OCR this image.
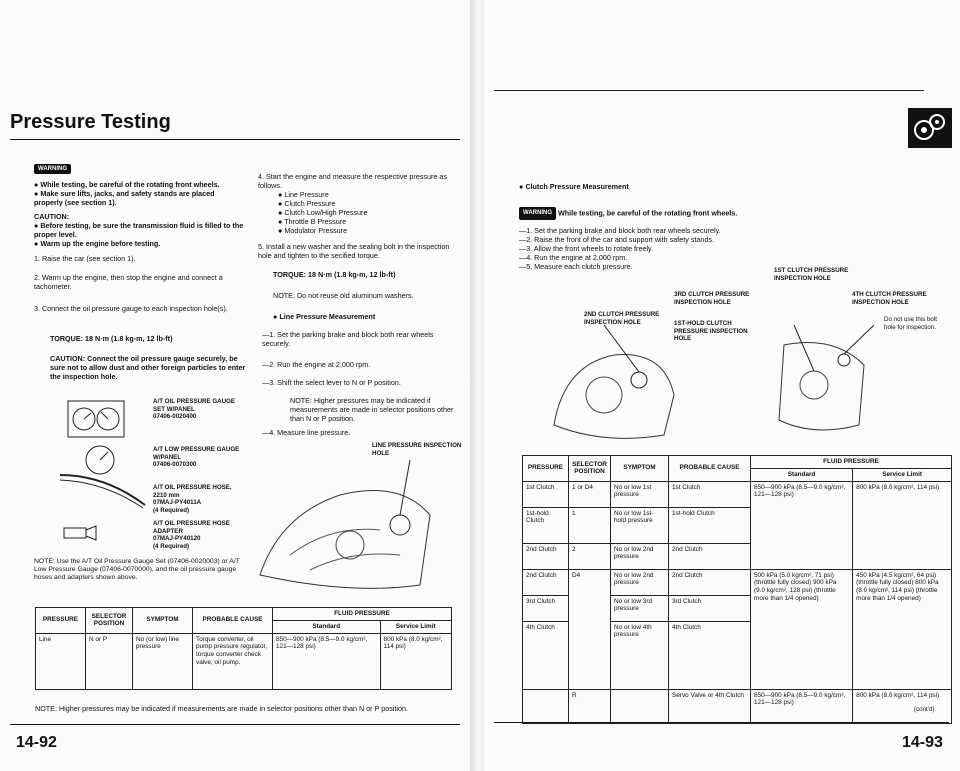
Pressure Testing
WARNING
● While testing, be careful of the rotating front wheels.
● Make sure lifts, jacks, and safety stands are placed properly (see section 1).
CAUTION:
● Before testing, be sure the transmission fluid is filled to the proper level.
● Warm up the engine before testing.
1. Raise the car (see section 1).
2. Warm up the engine, then stop the engine and connect a tachometer.
3. Connect the oil pressure gauge to each inspection hole(s).
TORQUE: 18 N·m (1.8 kg-m, 12 lb-ft)
CAUTION: Connect the oil pressure gauge securely, be sure not to allow dust and other foreign particles to enter the inspection hole.
A/T OIL PRESSURE GAUGE SET W/PANEL
07406-0020400
A/T LOW PRESSURE GAUGE W/PANEL
07406-0070300
A/T OIL PRESSURE HOSE, 2210 mm
07MAJ-PY4011A
(4 Required)
A/T OIL PRESSURE HOSE ADAPTER
07MAJ-PY40120
(4 Required)
NOTE: Use the A/T Oil Pressure Gauge Set (07406-0020003) or A/T Low Pressure Gauge (07406-0070000), and the oil pressure gauge hoses and adapters shown above.
4. Start the engine and measure the respective pressure as follows.
● Line Pressure
● Clutch Pressure
● Clutch Low/High Pressure
● Throttle B Pressure
● Modulator Pressure
5. Install a new washer and the sealing bolt in the inspection hole and tighten to the secified torque.
TORQUE: 18 N·m (1.8 kg-m, 12 lb-ft)
NOTE: Do not reuse old aluminum washers.
● Line Pressure Measurement
—1. Set the parking brake and block both rear wheels securely.
—2. Run the engine at 2,000 rpm.
—3. Shift the select lever to N or P position.
NOTE: Higher pressures may be indicated if measurements are made in selector positions other than N or P position.
—4. Measure line pressure.
LINE PRESSURE INSPECTION HOLE
PRESSURE	SELECTOR POSITION	SYMPTOM	PROBABLE CAUSE	FLUID PRESSURE	
				Standard	Service Limit
Line	N or P	No (or low) line pressure	Torque converter, oil pump pressure regulator, torque converter check valve, oil pump.	850—900 kPa (8.5—9.0 kg/cm², 121—128 psi)	800 kPa (8.0 kg/cm², 114 psi)
NOTE: Higher pressures may be indicated if measurements are made in selector positions other than N or P position.
14-92
● Clutch Pressure Measurement
WARNING While testing, be careful of the rotating front wheels.
—1. Set the parking brake and block both rear wheels securely.
—2. Raise the front of the car and support with safety stands.
—3. Allow the front wheels to rotate freely.
—4. Run the engine at 2,000 rpm.
—5. Measure each clutch pressure.	1ST CLUTCH PRESSURE INSPECTION HOLE
3RD CLUTCH PRESSURE INSPECTION HOLE
4TH CLUTCH PRESSURE INSPECTION HOLE
2ND CLUTCH PRESSURE INSPECTION HOLE	1ST-HOLD CLUTCH PRESSURE INSPECTION HOLE
Do not use this bolt hole for inspection.
PRESSURE	SELECTOR POSITION	SYMPTOM	PROBABLE CAUSE	FLUID PRESSURE	
				Standard	Service Limit
1st Clutch	1 or D4	No or low 1st pressure	1st Clutch	850—900 kPa (8.5—9.0 kg/cm², 121—128 psi)	800 kPa (8.0 kg/cm², 114 psi)
1st-hold Clutch	1	No or low 1st-hold pressure	1st-hold Clutch		
2nd Clutch	2	No or low 2nd pressure	2nd Clutch		
2nd Clutch	D4	No or low 2nd pressure	2nd Clutch	500 kPa (5.0 kg/cm², 71 psi) (throttle fully closed) 900 kPa (9.0 kg/cm², 128 psi) (throttle more than 1/4 opened)	450 kPa (4.5 kg/cm², 64 psi) (throttle fully closed) 800 kPa (8.0 kg/cm², 114 psi) (throttle more than 1/4 opened)
3rd Clutch		No or low 3rd pressure	3rd Clutch		
4th Clutch		No or low 4th pressure	4th Clutch		
	R		Servo Valve or 4th Clutch	850—900 kPa (8.5—9.0 kg/cm², 121—128 psi)	800 kPa (8.0 kg/cm², 114 psi)
(cont'd)
14-93
